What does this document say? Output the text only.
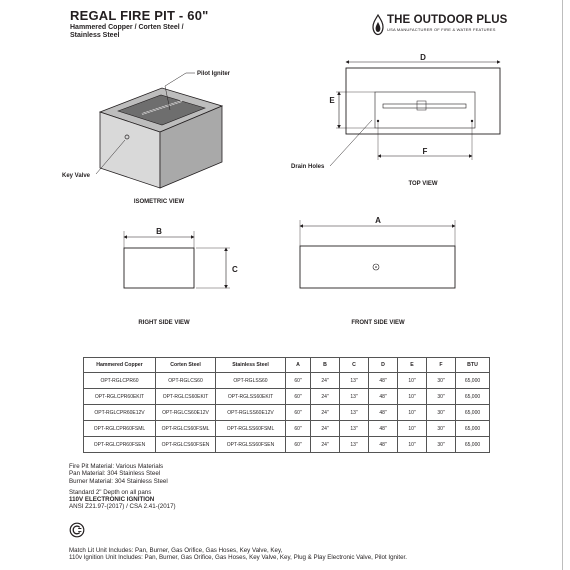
REGAL FIRE PIT - 60"
Hammered Copper / Corten Steel /
Stainless Steel
THE OUTDOOR PLUS
USA MANUFACTURER OF FIRE & WATER FEATURES
Pilot Igniter
Key Valve
ISOMETRIC VIEW
D
E
F
Drain Holes
TOP VIEW
B
C
RIGHT SIDE VIEW
A
FRONT SIDE VIEW
Hammered Copper	Corten Steel	Stainless Steel	A	B	C	D	E	F	BTU
OPT-RGLCPR60	OPT-RGLCS60	OPT-RGLSS60	60"	24"	13"	48"	10"	30"	65,000
OPT-RGLCPR60EKIT	OPT-RGLCS60EKIT	OPT-RGLSS60EKIT	60"	24"	13"	48"	10"	30"	65,000
OPT-RGLCPR60E12V	OPT-RGLCS60E12V	OPT-RGLSS60E12V	60"	24"	13"	48"	10"	30"	65,000
OPT-RGLCPR60FSML	OPT-RGLCS60FSML	OPT-RGLSS60FSML	60"	24"	13"	48"	10"	30"	65,000
OPT-RGLCPR60FSEN	OPT-RGLCS60FSEN	OPT-RGLSS60FSEN	60"	24"	13"	48"	10"	30"	65,000

Fire Pit Material: Various Materials

Pan Material: 304 Stainless Steel

Burner Material: 304 Stainless Steel

Standard 2" Depth on all pans

110V ELECTRONIC IGNITION

ANSI Z21.97-(2017) / CSA 2.41-(2017)

Match Lit Unit Includes: Pan, Burner, Gas Orifice, Gas Hoses, Key Valve, Key,

110v Ignition Unit Includes: Pan, Burner, Gas Orifice, Gas Hoses, Key Valve, Key, Plug & Play Electronic Valve, Pilot Igniter.
